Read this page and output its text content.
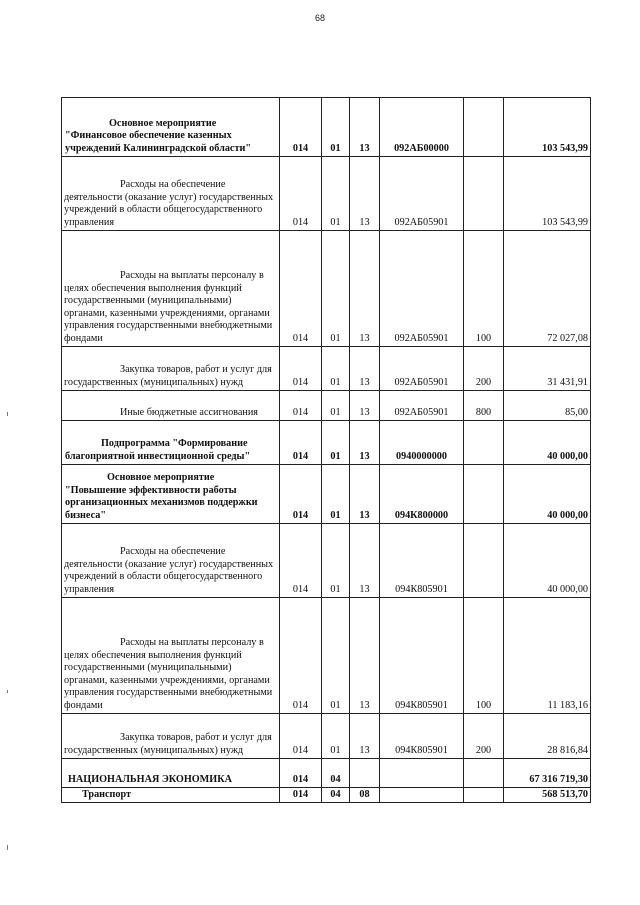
68
Основное мероприятие "Финансовое обеспечение казенных учреждений Калининградской области"	014	01	13	092АБ00000		103 543,99
Расходы на обеспечение деятельности (оказание услуг) государственных учреждений в области общегосударственного управления	014	01	13	092АБ05901		103 543,99
Расходы на выплаты персоналу в целях обеспечения выполнения функций государственными (муниципальными) органами, казенными учреждениями, органами управления государственными внебюджетными фондами	014	01	13	092АБ05901	100	72 027,08
Закупка товаров, работ и услуг для государственных (муниципальных) нужд	014	01	13	092АБ05901	200	31 431,91
Иные бюджетные ассигнования	014	01	13	092АБ05901	800	85,00
Подпрограмма "Формирование благоприятной инвестиционной среды"	014	01	13	0940000000		40 000,00
Основное мероприятие "Повышение эффективности работы организационных механизмов поддержки бизнеса"	014	01	13	094К800000		40 000,00
Расходы на обеспечение деятельности (оказание услуг) государственных учреждений в области общегосударственного управления	014	01	13	094К805901		40 000,00
Расходы на выплаты персоналу в целях обеспечения выполнения функций государственными (муниципальными) органами, казенными учреждениями, органами управления государственными внебюджетными фондами	014	01	13	094К805901	100	11 183,16
Закупка товаров, работ и услуг для государственных (муниципальных) нужд	014	01	13	094К805901	200	28 816,84
НАЦИОНАЛЬНАЯ ЭКОНОМИКА	014	04				67 316 719,30
Транспорт	014	04	08			568 513,70
